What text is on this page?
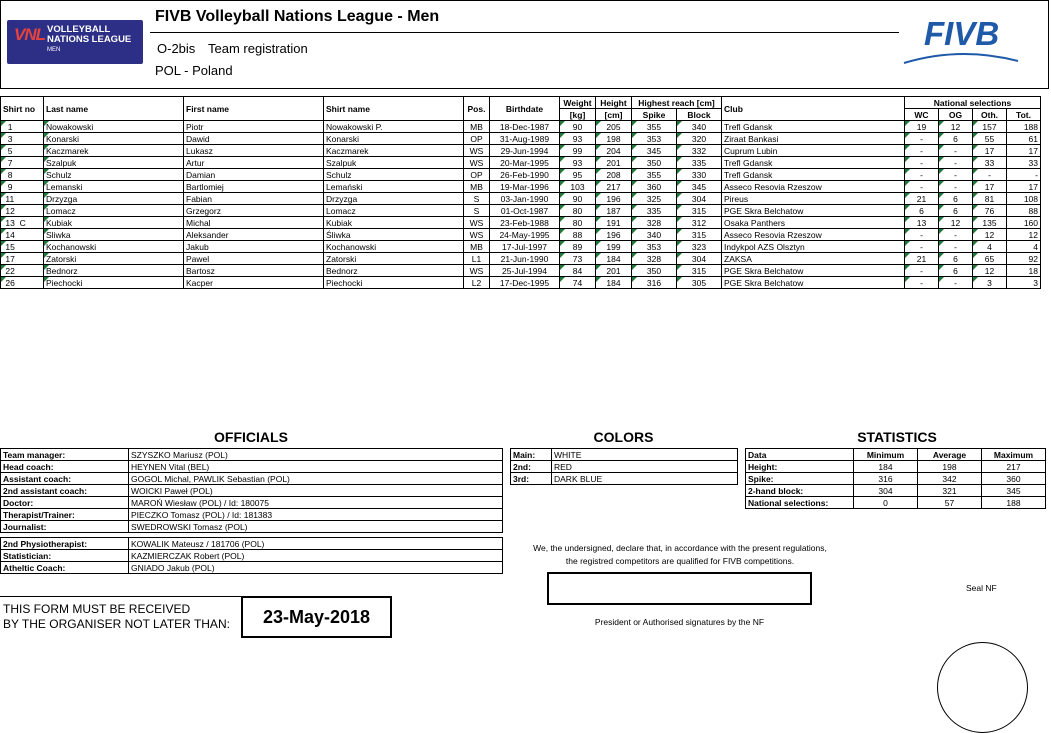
VNL VOLLEYBALL
NATIONS LEAGUE
MEN
FIVB Volleyball Nations League - Men
O-2bis Team registration
POL - Poland
FIVB
Shirt no	Last name	First name	Shirt name	Pos.	Birthdate	Weight	Height	Highest reach [cm]		Club	National selections			
						[kg]	[cm]	Spike	Block		WC	OG	Oth.	Tot.
1	Nowakowski	Piotr	Nowakowski P.	MB	18-Dec-1987	90	205	355	340	Trefl Gdansk	19	12	157	188
3	Konarski	Dawid	Konarski	OP	31-Aug-1989	93	198	353	320	Ziraat Bankasi	-	6	55	61
5	Kaczmarek	Lukasz	Kaczmarek	WS	29-Jun-1994	99	204	345	332	Cuprum Lubin	-	-	17	17
7	Szalpuk	Artur	Szalpuk	WS	20-Mar-1995	93	201	350	335	Trefl Gdansk	-	-	33	33
8	Schulz	Damian	Schulz	OP	26-Feb-1990	95	208	355	330	Trefl Gdansk	-	-	-	-
9	Lemanski	Bartlomiej	Lemański	MB	19-Mar-1996	103	217	360	345	Asseco Resovia Rzeszow	-	-	17	17
11	Drzyzga	Fabian	Drzyzga	S	03-Jan-1990	90	196	325	304	Pireus	21	6	81	108
12	Lomacz	Grzegorz	Lomacz	S	01-Oct-1987	80	187	335	315	PGE Skra Belchatow	6	6	76	88
13 C	Kubiak	Michal	Kubiak	WS	23-Feb-1988	80	191	328	312	Osaka Panthers	13	12	135	160
14	Sliwka	Aleksander	Śliwka	WS	24-May-1995	88	196	340	315	Asseco Resovia Rzeszow	-	-	12	12
15	Kochanowski	Jakub	Kochanowski	MB	17-Jul-1997	89	199	353	323	Indykpol AZS Olsztyn	-	-	4	4
17	Zatorski	Pawel	Zatorski	L1	21-Jun-1990	73	184	328	304	ZAKSA	21	6	65	92
22	Bednorz	Bartosz	Bednorz	WS	25-Jul-1994	84	201	350	315	PGE Skra Belchatow	-	6	12	18
26	Piechocki	Kacper	Piechocki	L2	17-Dec-1995	74	184	316	305	PGE Skra Belchatow	-	-	3	3
OFFICIALS
Team manager:	SZYSZKO Mariusz (POL)
Head coach:	HEYNEN Vital (BEL)
Assistant coach:	GOGOL Michal, PAWLIK Sebastian (POL)
2nd assistant coach:	WOICKI Paweł (POL)
Doctor:	MAROŃ Wiesław (POL) / Id: 180075
Therapist/Trainer:	PIECZKO Tomasz (POL) / Id: 181383
Journalist:	SWEDROWSKI Tomasz (POL)
2nd Physiotherapist:	KOWALIK Mateusz / 181706 (POL)
Statistician:	KAZMIERCZAK Robert (POL)
Atheltic Coach:	GNIADO Jakub (POL)
COLORS
Main:	WHITE
2nd:	RED
3rd:	DARK BLUE
STATISTICS
Data	Minimum	Average	Maximum
Height:	184	198	217
Spike:	316	342	360
2-hand block:	304	321	345
National selections:	0	57	188
THIS FORM MUST BE RECEIVED
BY THE ORGANISER NOT LATER THAN:	23-May-2018
We, the undersigned, declare that, in accordance with the present regulations,
the registred competitors are qualified for FIVB competitions.
President or Authorised signatures by the NF
Seal NF
